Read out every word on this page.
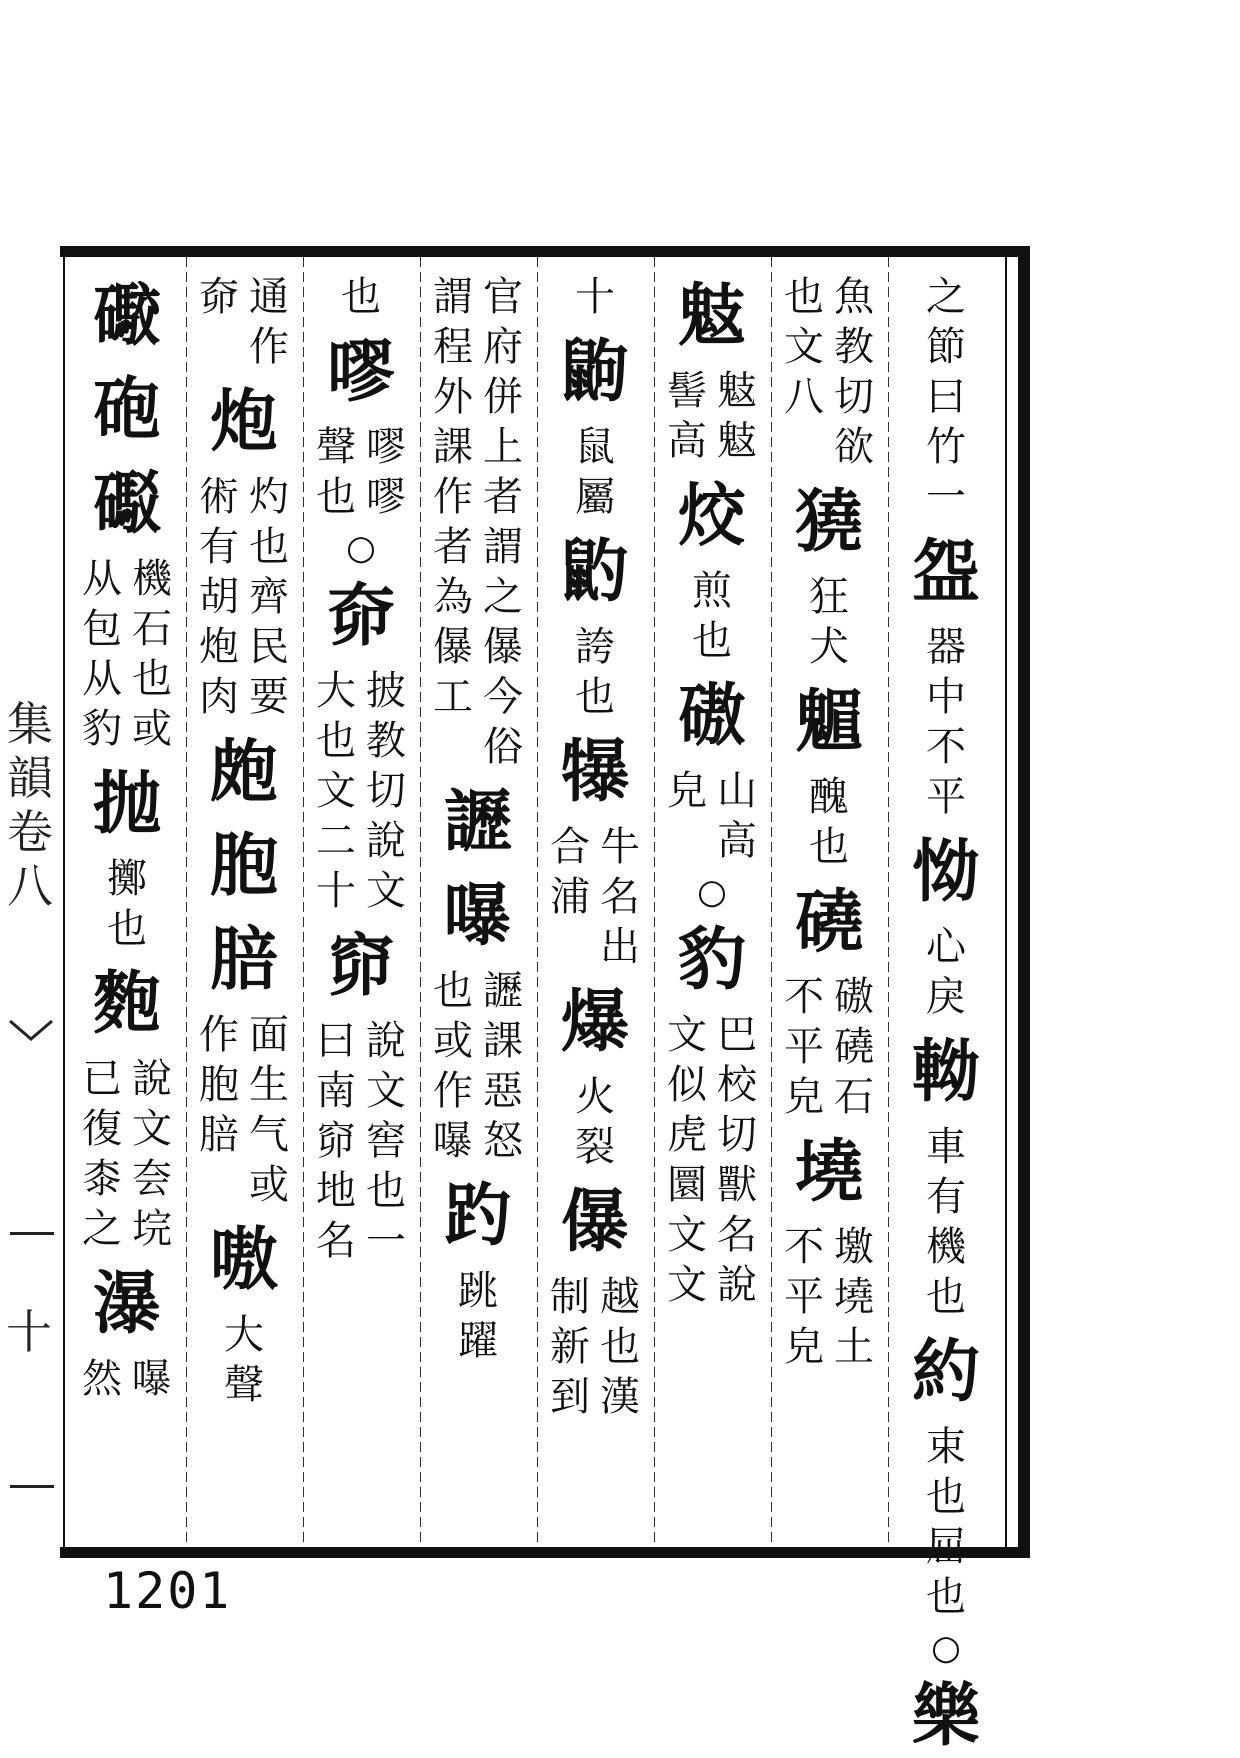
集
韻
卷
八
十
之
節
曰
竹
一
盌
器
中
不
平
怮
心
戾
軪
車
有
機
也
約
束
也
屈
也
○
樂
魚
教
切
欲
也
文
八
獟
狂
犬
䰨
醜
也
磽
磝
磽
石
不
平
皃
墝
墽
墝
土
不
平
皃
鬾
鬾
鬾
髻
高
烄
煎
也
磝
山
高
皃
○
豹
巴
校
切
獸
名
說
文
似
虎
圜
文
文
十
鼩
鼠
屬
䶂
誇
也
犦
牛
名
出
合
浦
爆
火
裂
儤
越
也
漢
制
新
到
官
府
併
上
者
謂
之
儤
今
俗
謂
程
外
課
作
者
為
儤
工
讈
嚗
讈
課
惡
怒
也
或
作
嚗
趵
跳
躍
也
嘐
嘐
嘐
聲
也
○
奅
披
教
切
說
文
大
也
文
二
十
窌
說
文
窖
也
一
曰
南
窌
地
名
通
作
奅
炮
灼
也
齊
民
要
術
有
胡
炮
肉
皰
胞
䏽
面
生
气
或
作
胞
䏽
嗷
大
聲
礮
砲
礟
機
石
也
或
从
包
从
豹
抛
擲
也
麭
說
文
夽
垸
已
復
桼
之
瀑
嚗
然
1201
